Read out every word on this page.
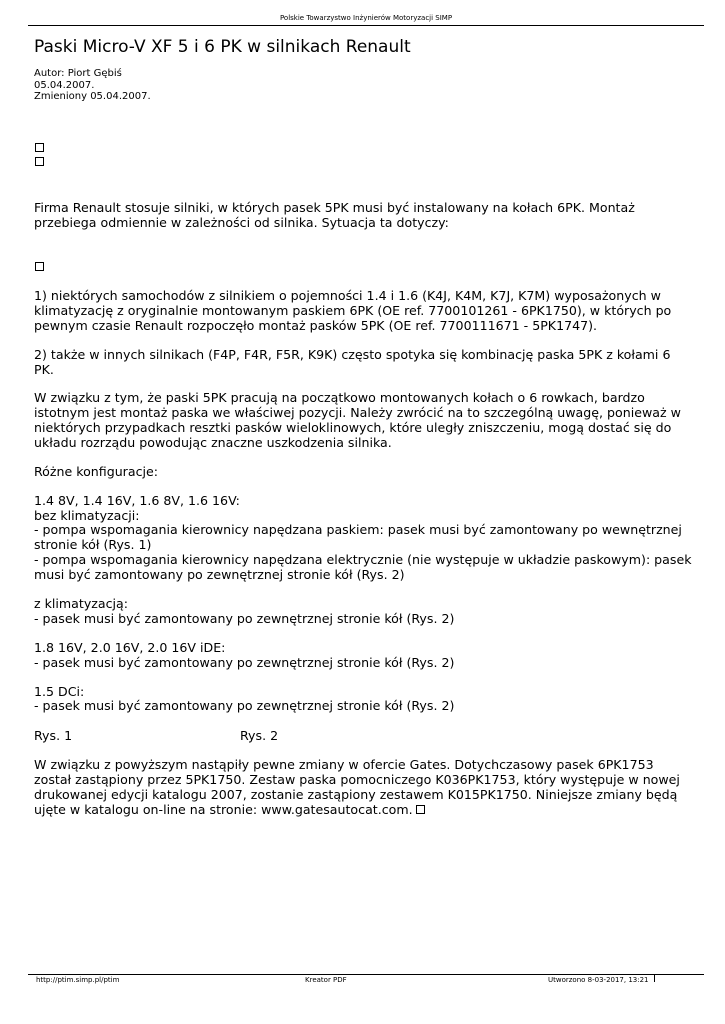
Polskie Towarzystwo Inżynierów Motoryzacji SIMP
Paski Micro-V XF 5 i 6 PK w silnikach Renault
Autor: Piort Gębiś
05.04.2007.
Zmieniony 05.04.2007.

Firma Renault stosuje silniki, w których pasek 5PK musi być instalowany na kołach 6PK. Montaż przebiega odmiennie w zależności od silnika. Sytuacja ta dotyczy:

1) niektórych samochodów z silnikiem o pojemności 1.4 i 1.6 (K4J, K4M, K7J, K7M) wyposażonych w klimatyzację z oryginalnie montowanym paskiem 6PK (OE ref. 7700101261 - 6PK1750), w których po pewnym czasie Renault rozpoczęło montaż pasków 5PK (OE ref. 7700111671 - 5PK1747).

2) także w innych silnikach (F4P, F4R, F5R, K9K) często spotyka się kombinację paska 5PK z kołami 6 PK.

W związku z tym, że paski 5PK pracują na początkowo montowanych kołach o 6 rowkach, bardzo istotnym jest montaż paska we właściwej pozycji. Należy zwrócić na to szczególną uwagę, ponieważ w niektórych przypadkach resztki pasków wieloklinowych, które uległy zniszczeniu, mogą dostać się do układu rozrządu powodując znaczne uszkodzenia silnika.

Różne konfiguracje:
1.4 8V, 1.4 16V, 1.6 8V, 1.6 16V:
bez klimatyzacji:

- pompa wspomagania kierownicy napędzana paskiem: pasek musi być zamontowany po wewnętrznej stronie kół (Rys. 1)

- pompa wspomagania kierownicy napędzana elektrycznie (nie występuje w układzie paskowym): pasek musi być zamontowany po zewnętrznej stronie kół (Rys. 2)

z klimatyzacją:
- pasek musi być zamontowany po zewnętrznej stronie kół (Rys. 2)
1.8 16V, 2.0 16V, 2.0 16V iDE:
- pasek musi być zamontowany po zewnętrznej stronie kół (Rys. 2)
1.5 DCi:
- pasek musi być zamontowany po zewnętrznej stronie kół (Rys. 2)
Rys. 1	Rys. 2

W związku z powyższym nastąpiły pewne zmiany w ofercie Gates. Dotychczasowy pasek 6PK1753 został zastąpiony przez 5PK1750. Zestaw paska pomocniczego K036PK1753, który występuje w nowej drukowanej edycji katalogu 2007, zostanie zastąpiony zestawem K015PK1750. Niniejsze zmiany będą ujęte w katalogu on-line na stronie: www.gatesautocat.com.

http://ptim.simp.pl/ptim	Kreator PDF	Utworzono 8-03-2017, 13:21
